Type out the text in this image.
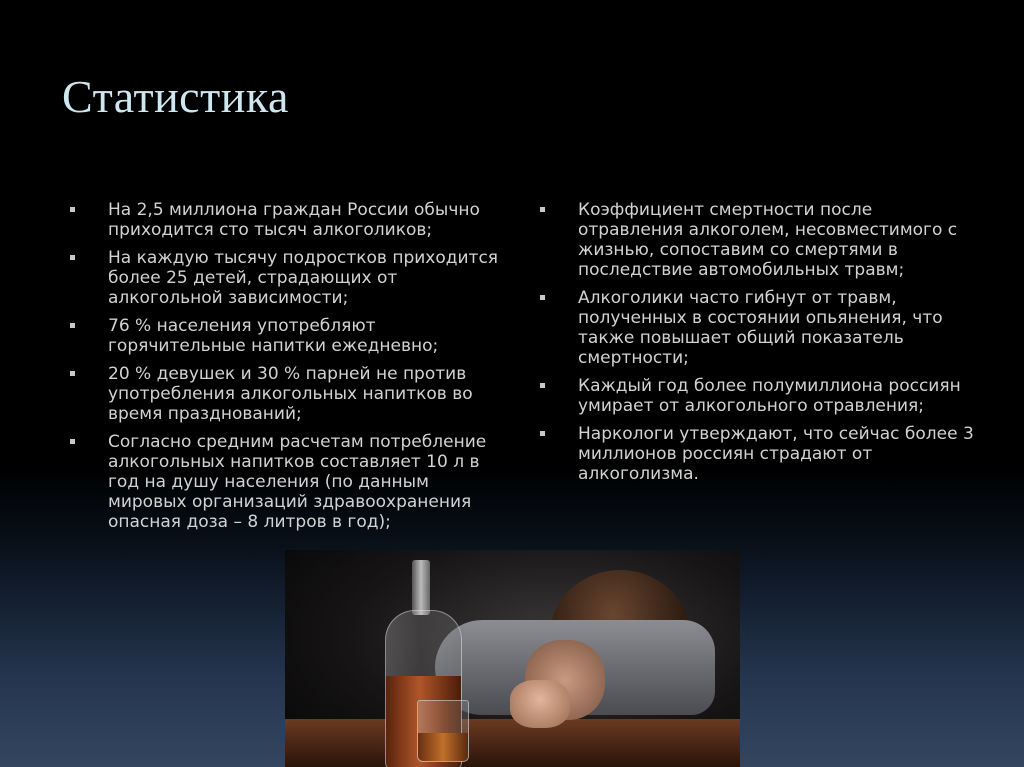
Статистика
На 2,5 миллиона граждан России обычно приходится сто тысяч алкоголиков;
На каждую тысячу подростков приходится более 25 детей, страдающих от алкогольной зависимости;
76 % населения употребляют горячительные напитки ежедневно;
20 % девушек и 30 % парней не против употребления алкогольных напитков во время празднований;
Согласно средним расчетам потребление алкогольных напитков составляет 10 л в год на душу населения (по данным мировых организаций здравоохранения опасная доза – 8 литров в год);
Коэффициент смертности после отравления алкоголем, несовместимого с жизнью, сопоставим со смертями в последствие автомобильных травм;
Алкоголики часто гибнут от травм, полученных в состоянии опьянения, что также повышает общий показатель смертности;
Каждый год более полумиллиона россиян умирает от алкогольного отравления;
Наркологи утверждают, что сейчас более 3 миллионов россиян страдают от алкоголизма.
